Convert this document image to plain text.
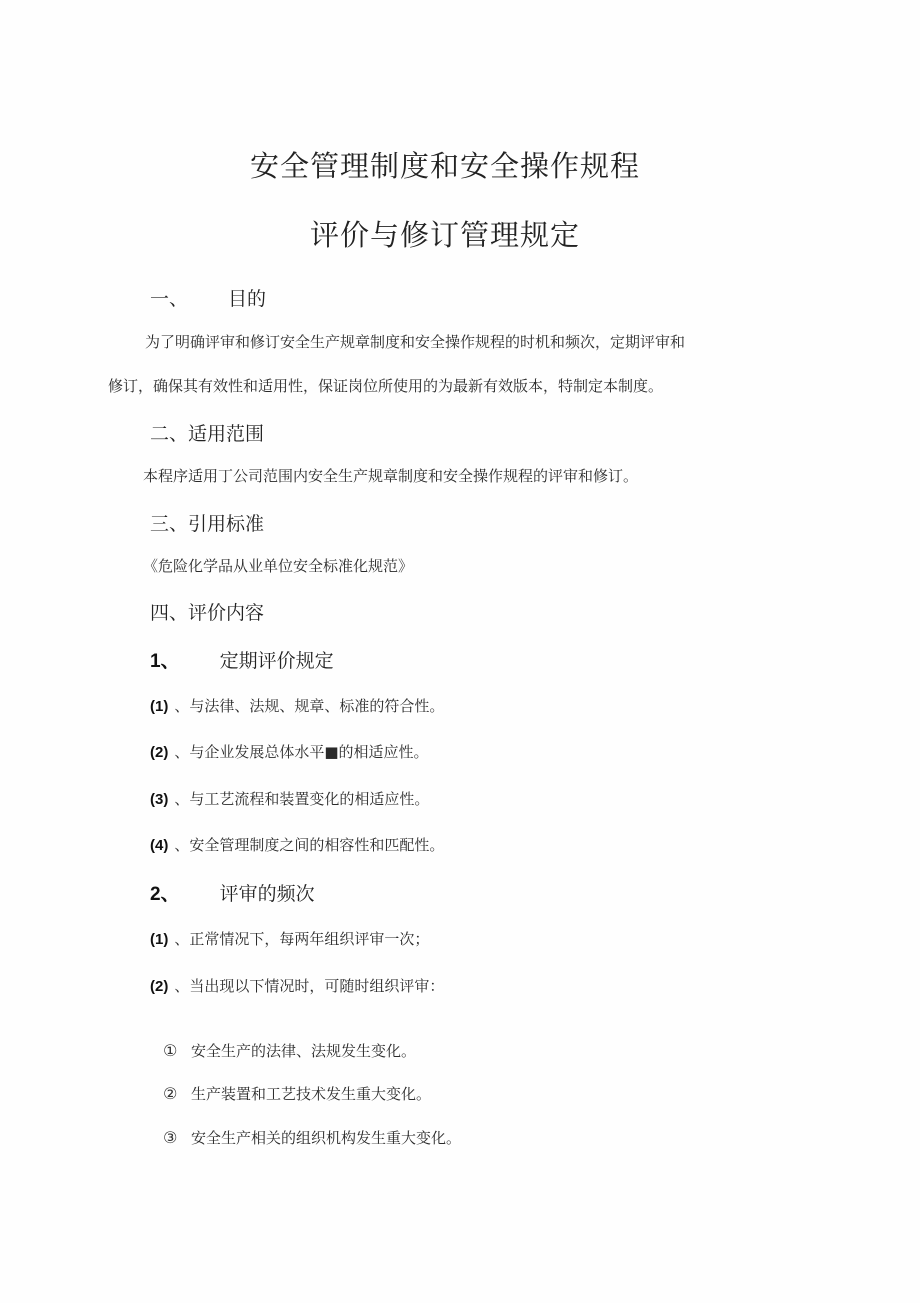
安全管理制度和安全操作规程
评价与修订管理规定
一、 目的
为了明确评审和修订安全生产规章制度和安全操作规程的时机和频次，定期评审和
修订，确保其有效性和适用性，保证岗位所使用的为最新有效版本，特制定本制度。
二、适用范围
本程序适用丁公司范围内安全生产规章制度和安全操作规程的评审和修订。
三、引用标准
《危险化学品从业单位安全标准化规范》
四、评价内容
1、 定期评价规定
(1) 、与法律、法规、规章、标准的符合性。
(2) 、与企业发展总体水平■的相适应性。
(3) 、与工艺流程和装置变化的相适应性。
(4) 、安全管理制度之间的相容性和匹配性。
2、 评审的频次
(1) 、正常情况下，每两年组织评审一次；
(2) 、当出现以下情况时，可随时组织评审：
① 安全生产的法律、法规发生变化。
② 生产装置和工艺技术发生重大变化。
③ 安全生产相关的组织机构发生重大变化。
